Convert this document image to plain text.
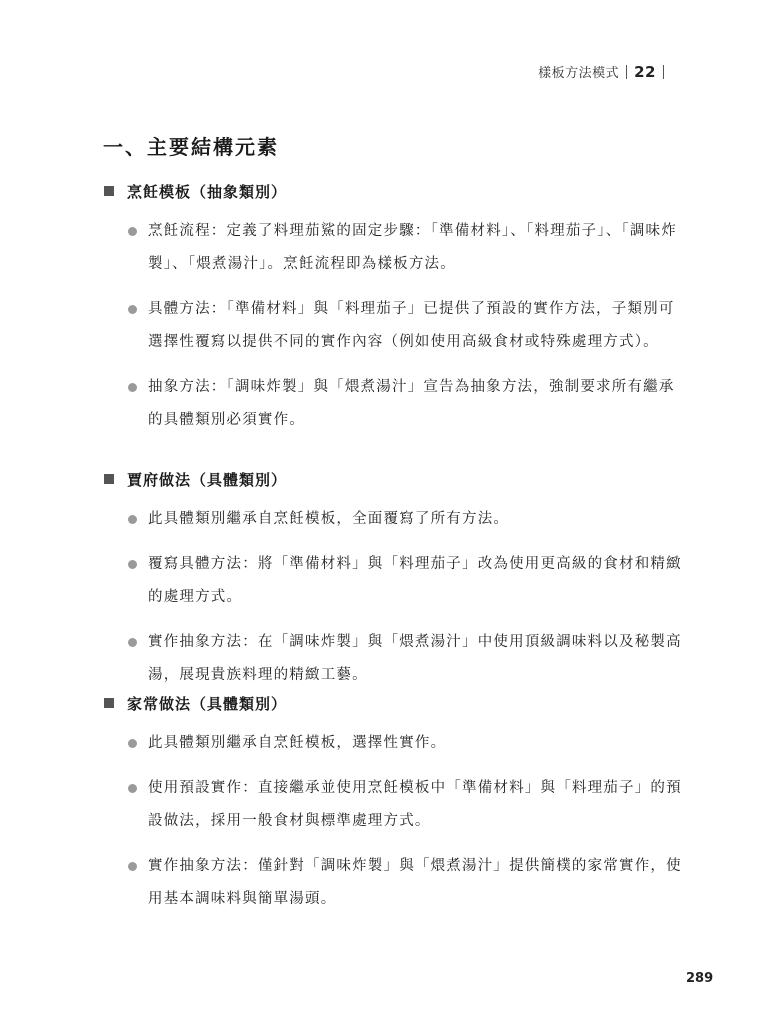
樣板方法模式 22
一、主要結構元素
烹飪模板（抽象類別）
烹飪流程：定義了料理茄鯊的固定步驟：「準備材料」、「料理茄子」、「調味炸製」、「煨煮湯汁」。烹飪流程即為樣板方法。
具體方法：「準備材料」與「料理茄子」已提供了預設的實作方法，子類別可選擇性覆寫以提供不同的實作內容（例如使用高級食材或特殊處理方式）。
抽象方法：「調味炸製」與「煨煮湯汁」宣告為抽象方法，強制要求所有繼承的具體類別必須實作。
賈府做法（具體類別）
此具體類別繼承自烹飪模板，全面覆寫了所有方法。
覆寫具體方法：將「準備材料」與「料理茄子」改為使用更高級的食材和精緻的處理方式。
實作抽象方法：在「調味炸製」與「煨煮湯汁」中使用頂級調味料以及秘製高湯，展現貴族料理的精緻工藝。
家常做法（具體類別）
此具體類別繼承自烹飪模板，選擇性實作。
使用預設實作：直接繼承並使用烹飪模板中「準備材料」與「料理茄子」的預設做法，採用一般食材與標準處理方式。
實作抽象方法：僅針對「調味炸製」與「煨煮湯汁」提供簡樸的家常實作，使用基本調味料與簡單湯頭。
289
